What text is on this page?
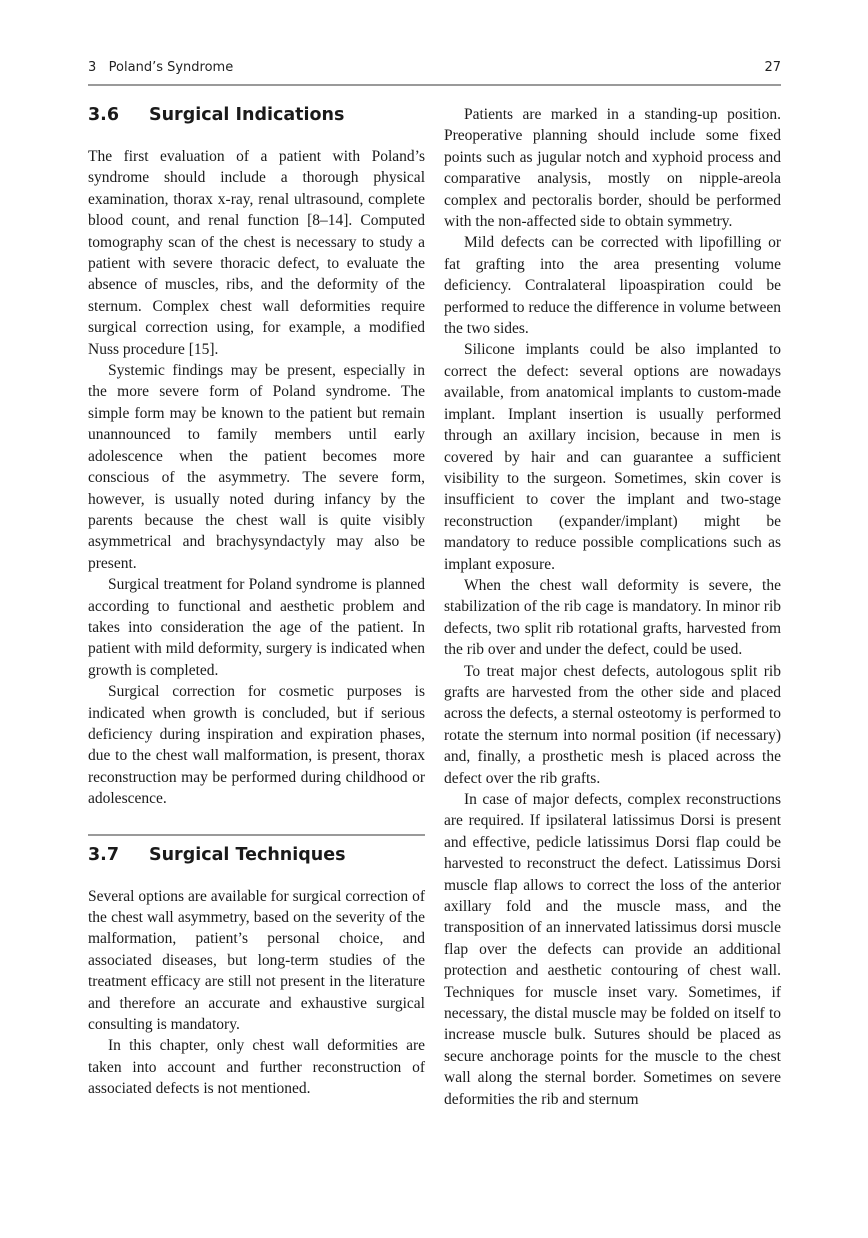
3   Poland’s Syndrome	27
3.6 Surgical Indications

The first evaluation of a patient with Poland’s syndrome should include a thorough physical examination, thorax x-ray, renal ultrasound, complete blood count, and renal function [8–14]. Computed tomography scan of the chest is necessary to study a patient with severe thoracic defect, to evaluate the absence of muscles, ribs, and the deformity of the sternum. Complex chest wall deformities require surgical correction using, for example, a modified Nuss procedure [15].

Systemic findings may be present, especially in the more severe form of Poland syndrome. The simple form may be known to the patient but remain unannounced to family members until early adolescence when the patient becomes more conscious of the asymmetry. The severe form, however, is usually noted during infancy by the parents because the chest wall is quite visibly asymmetrical and brachysyndactyly may also be present.

Surgical treatment for Poland syndrome is planned according to functional and aesthetic problem and takes into consideration the age of the patient. In patient with mild deformity, surgery is indicated when growth is completed.

Surgical correction for cosmetic purposes is indicated when growth is concluded, but if serious deficiency during inspiration and expiration phases, due to the chest wall malformation, is present, thorax reconstruction may be performed during childhood or adolescence.

3.7 Surgical Techniques

Several options are available for surgical correction of the chest wall asymmetry, based on the severity of the malformation, patient’s personal choice, and associated diseases, but long-term studies of the treatment efficacy are still not present in the literature and therefore an accurate and exhaustive surgical consulting is mandatory.

In this chapter, only chest wall deformities are taken into account and further reconstruction of associated defects is not mentioned.

Patients are marked in a standing-up position. Preoperative planning should include some fixed points such as jugular notch and xyphoid process and comparative analysis, mostly on nipple-areola complex and pectoralis border, should be performed with the non-affected side to obtain symmetry.

Mild defects can be corrected with lipofilling or fat grafting into the area presenting volume deficiency. Contralateral lipoaspiration could be performed to reduce the difference in volume between the two sides.

Silicone implants could be also implanted to correct the defect: several options are nowadays available, from anatomical implants to custom-made implant. Implant insertion is usually performed through an axillary incision, because in men is covered by hair and can guarantee a sufficient visibility to the surgeon. Sometimes, skin cover is insufficient to cover the implant and two-stage reconstruction (expander/implant) might be mandatory to reduce possible complications such as implant exposure.

When the chest wall deformity is severe, the stabilization of the rib cage is mandatory. In minor rib defects, two split rib rotational grafts, harvested from the rib over and under the defect, could be used.

To treat major chest defects, autologous split rib grafts are harvested from the other side and placed across the defects, a sternal osteotomy is performed to rotate the sternum into normal position (if necessary) and, finally, a prosthetic mesh is placed across the defect over the rib grafts.

In case of major defects, complex reconstructions are required. If ipsilateral latissimus Dorsi is present and effective, pedicle latissimus Dorsi flap could be harvested to reconstruct the defect. Latissimus Dorsi muscle flap allows to correct the loss of the anterior axillary fold and the muscle mass, and the transposition of an innervated latissimus dorsi muscle flap over the defects can provide an additional protection and aesthetic contouring of chest wall. Techniques for muscle inset vary. Sometimes, if necessary, the distal muscle may be folded on itself to increase muscle bulk. Sutures should be placed as secure anchorage points for the muscle to the chest wall along the sternal border. Sometimes on severe deformities the rib and sternum
